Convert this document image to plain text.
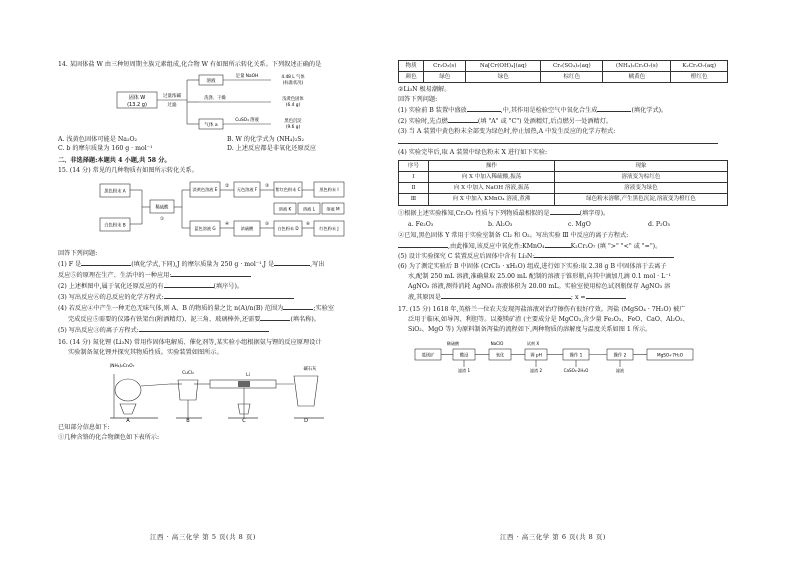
14. 某固体盐 W 由三种短周期主族元素组成,化合物 W 有如图所示转化关系。下列叙述正确的是
固体 W
(13.2 g)
过量浓碱
过滤
溶液
足量 NaOH	4.48 L 气体
(标准状况)
洗涤、干燥	浅黄色固体
(6.4 g)
气体 a
CuSO₄ 溶液	黑色沉淀
(9.6 g)
A. 浅黄色固体可能是 Na₂O₂	B. W 的化学式为 (NH₄)₂S₂
C. b 的摩尔质量为 160 g · mol⁻¹	D. 上述反应都是非氧化还原反应
二、非选择题:本题共 4 小题,共 58 分。
15. (14 分) 常见的几种物质有如图所示转化关系。
黑色粉末 A
白色粉末 B
稀硫酸
①
淡黄色溶液 E
蓝色溶液 G
②
无色溶液 F
③
紫红色粉末 C	黑色粉末 I
④
浓硫酸
⑤
白色粉末 D
⑥
红色粉末 J
溶液 K	溶液 L	溶液 M
回答下列问题:
(1) F 是	(填化学式,下同),J 的摩尔质量为 250 g · mol⁻¹,J 是	,写出
反应⑤的原理在生产、生活中的一种应用:
(2) 上述框图中,属于氧化还原反应的有	(填序号)。
(3) 写出反应⑥的总反应的化学方程式:
(4) 若反应④中产生一种无色无味气体,则 A、B 的物质的量之比 n(A)/n(B) 范围为	;实验室
完成反应⑤需要的仪器有铁架台(附酒精灯)、泥三角、玻璃棒外,还需要	(填名称)。
(5) 写出反应③的离子方程式:
16. (14 分) 氮化锂 (Li₃N) 常用作固体电解质、催化剂等,某实验小组根据氨与锂的反应原理设计
实验制备氮化锂并探究其物质性质。实验装置如图所示。
(NH₄)₂Cr₂O₇
A
CuCl₂
B
Li
C
碱石灰
D
已知部分信息如下:
①几种含铬的化合物颜色如下表所示:
江西 · 高三化学 第 5 页(共 8 页)
物质	Cr₂O₃(s)	Na[Cr(OH)₄](aq)	Cr₂(SO₄)₃(aq)	(NH₄)₂Cr₂O₇(s)	K₂Cr₂O₇(aq)
颜色	绿色	绿色	棕红色	橘黄色	橙红色
②Li₃N 极易潮解。
回答下列问题:
(1) 实验前 B 装置中盛放	,中,其作用是检验空气中氧化合生成	(填化学式)。
(2) 实验时,先点燃	(填 "A" 或 "C") 处酒精灯,后点燃另一处酒精灯。
(3) 当 A 装置中黄色粉末全部变为绿色时,停止加热,A 中发生反应的化学方程式:
(4) 实验完毕后,取 A 装置中绿色粉末 X 进行如下实验:
序号	操作	现象
Ⅰ	向 X 中加入稀硫酸,振荡	溶液变为棕红色
Ⅱ	向 X 中加入 NaOH 溶液,振荡	溶液变为绿色
Ⅲ	向 X 中加入 KMnO₄ 溶液,煮沸	绿色粉末溶解,产生黑色沉淀,溶液变为橙红色
①根据上述实验推知,Cr₂O₃ 性质与下列物质最相似的是	(填字母)。
a. Fe₂O₃	b. Al₂O₃	c. MgO	d. P₂O₅
②已知,黑色固体 Y 常用于实验室制备 Cl₂ 和 O₂。写出实验 Ⅲ 中反应的离子方程式:
,由此推知,该反应中氧化性:KMnO₄	K₂Cr₂O₇ (填 ">" "<" 或 "=")。
(5) 设计实验探究 C 装置反应后固体中含有 Li₃N:
(6) 为了测定实验后 B 中固体 (CrCl₃ · xH₂O) 组成,进行如下实验:取 2.38 g B 中固体溶于去离子
水,配制 250 mL 溶液,准确量取 25.00 mL 配制的溶液于锥形瓶,向其中滴加几滴 0.1 mol · L⁻¹
AgNO₃ 溶液,测得消耗 AgNO₃ 溶液体积为 20.00 mL。实验室使用棕色试剂瓶保存 AgNO₃ 溶
液,其原因是	; x =
17. (15 分) 1618 年,英格兰一位农夫发现泻盐溶液对治疗擦伤有很好疗效。泻盐 (MgSO₄ · 7H₂O) 被广
泛用于临床,如导泻、利胆等。以菱镁矿渣 (主要成分是 MgCO₃,含少量 Fe₂O₃、FeO、CaO、Al₂O₃、
SiO₂、MgO 等) 为原料制备泻盐的流程如下,两种物质的溶解度与温度关系如图 1 所示。
菱镁矿
稀硫酸
酸浸
NaClO
氧化
试剂 X
调 pH	操作 1	操作 2	MgSO₄·7H₂O
滤渣 1	滤渣 2	CaSO₄·2H₂O	滤液
江西 · 高三化学 第 6 页(共 8 页)
